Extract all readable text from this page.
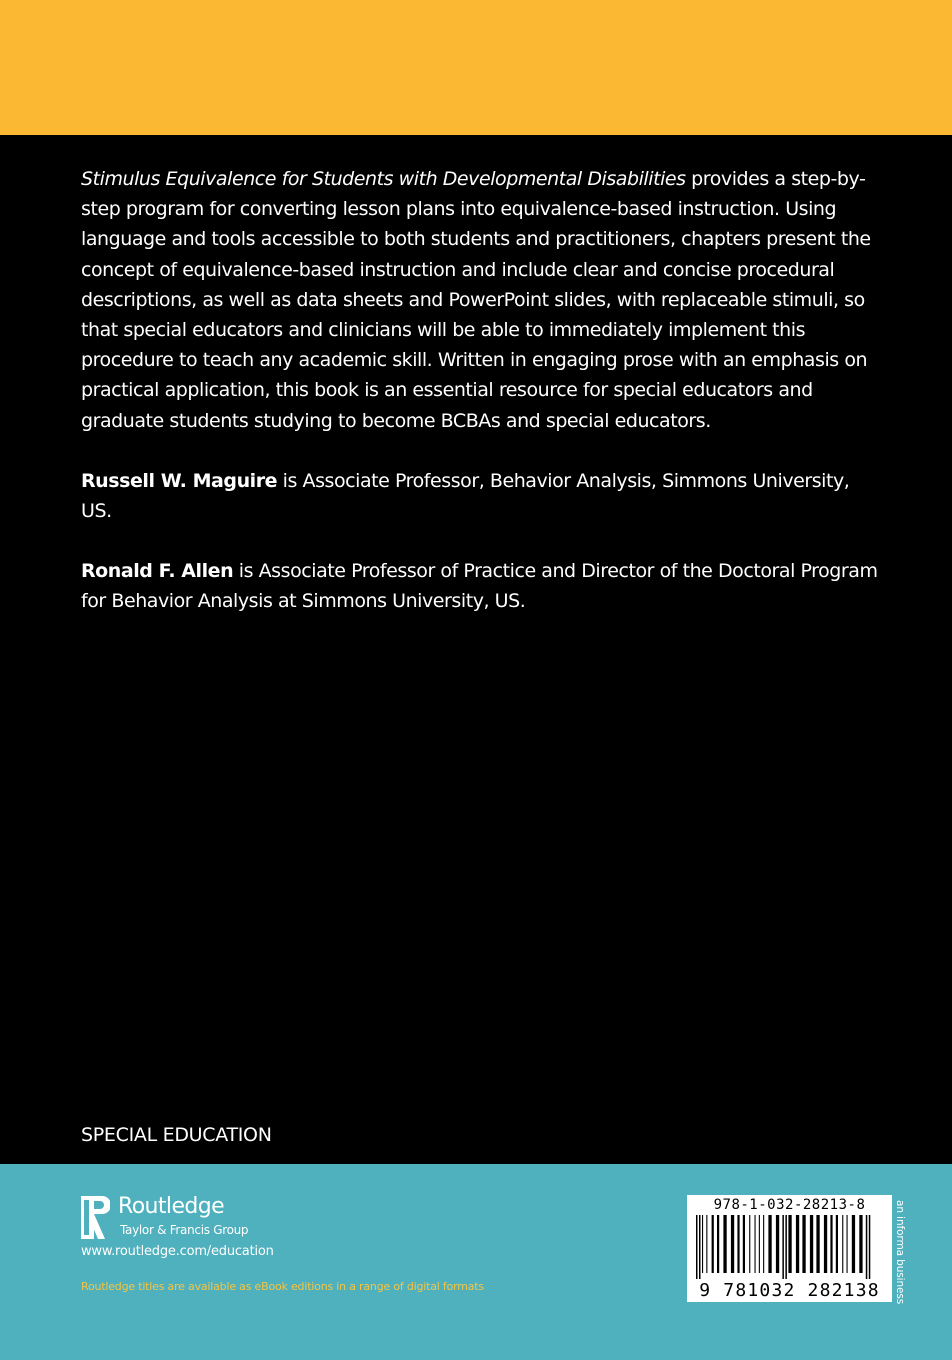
Stimulus Equivalence for Students with Developmental Disabilities provides a step-by-step program for converting lesson plans into equivalence-based instruction. Using language and tools accessible to both students and practitioners, chapters present the concept of equivalence-based instruction and include clear and concise procedural descriptions, as well as data sheets and PowerPoint slides, with replaceable stimuli, so that special educators and clinicians will be able to immediately implement this procedure to teach any academic skill. Written in engaging prose with an emphasis on practical application, this book is an essential resource for special educators and graduate students studying to become BCBAs and special educators.

Russell W. Maguire is Associate Professor, Behavior Analysis, Simmons University, US.

Ronald F. Allen is Associate Professor of Practice and Director of the Doctoral Program for Behavior Analysis at Simmons University, US.

SPECIAL EDUCATION
Routledge
Taylor & Francis Group
www.routledge.com/education
Routledge titles are available as eBook editions in a range of digital formats
978-1-032-28213-8
9 781032 282138	an informa business
